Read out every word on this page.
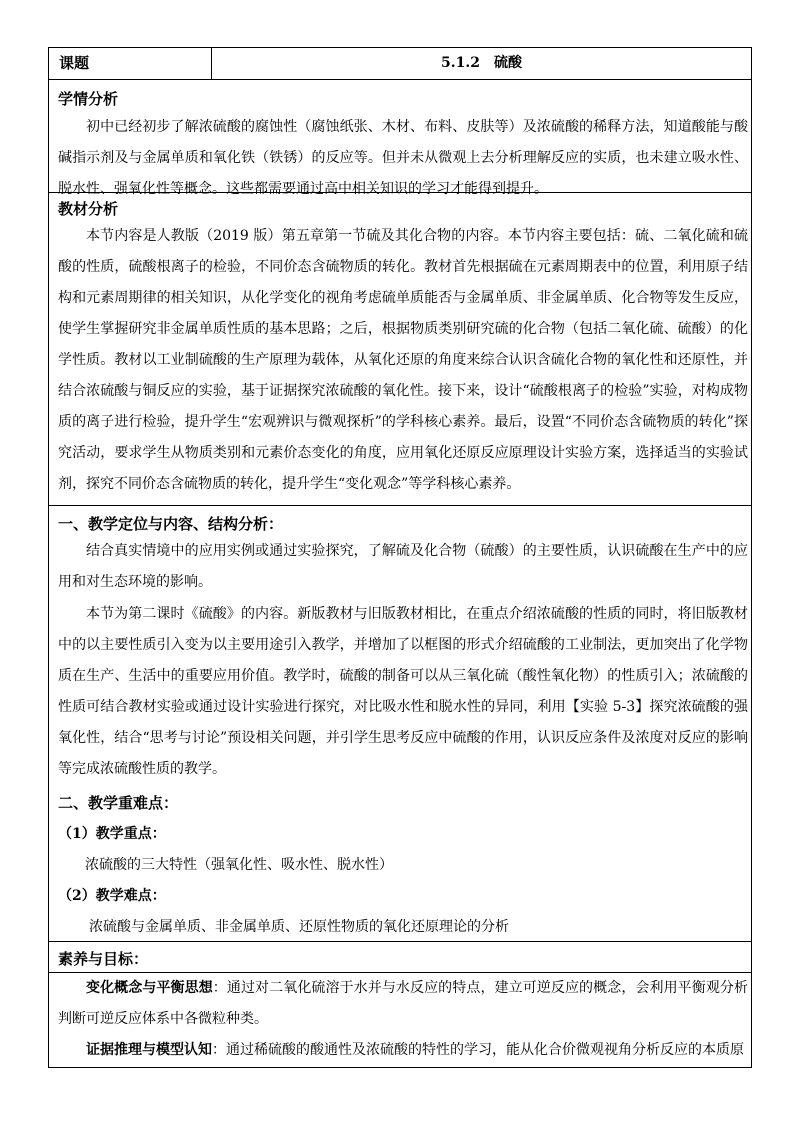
课题	5.1.2　硫酸
学情分析

初中已经初步了解浓硫酸的腐蚀性（腐蚀纸张、木材、布料、皮肤等）及浓硫酸的稀释方法，知道酸能与酸碱指示剂及与金属单质和氧化铁（铁锈）的反应等。但并未从微观上去分析理解反应的实质，也未建立吸水性、脱水性、强氧化性等概念。这些都需要通过高中相关知识的学习才能得到提升。

教材分析

本节内容是人教版（2019 版）第五章第一节硫及其化合物的内容。本节内容主要包括：硫、二氧化硫和硫酸的性质，硫酸根离子的检验，不同价态含硫物质的转化。教材首先根据硫在元素周期表中的位置，利用原子结构和元素周期律的相关知识，从化学变化的视角考虑硫单质能否与金属单质、非金属单质、化合物等发生反应，使学生掌握研究非金属单质性质的基本思路；之后，根据物质类别研究硫的化合物（包括二氧化硫、硫酸）的化学性质。教材以工业制硫酸的生产原理为载体，从氧化还原的角度来综合认识含硫化合物的氧化性和还原性，并结合浓硫酸与铜反应的实验，基于证据探究浓硫酸的氧化性。接下来，设计“硫酸根离子的检验”实验，对构成物质的离子进行检验，提升学生“宏观辨识与微观探析”的学科核心素养。最后，设置“不同价态含硫物质的转化”探究活动，要求学生从物质类别和元素价态变化的角度，应用氧化还原反应原理设计实验方案，选择适当的实验试剂，探究不同价态含硫物质的转化，提升学生“变化观念”等学科核心素养。

一、教学定位与内容、结构分析：

结合真实情境中的应用实例或通过实验探究，了解硫及化合物（硫酸）的主要性质，认识硫酸在生产中的应用和对生态环境的影响。

本节为第二课时《硫酸》的内容。新版教材与旧版教材相比，在重点介绍浓硫酸的性质的同时，将旧版教材中的以主要性质引入变为以主要用途引入教学，并增加了以框图的形式介绍硫酸的工业制法，更加突出了化学物质在生产、生活中的重要应用价值。教学时，硫酸的制备可以从三氧化硫（酸性氧化物）的性质引入；浓硫酸的性质可结合教材实验或通过设计实验进行探究，对比吸水性和脱水性的异同，利用【实验 5-3】探究浓硫酸的强氧化性，结合“思考与讨论”预设相关问题，并引学生思考反应中硫酸的作用，认识反应条件及浓度对反应的影响等完成浓硫酸性质的教学。

二、教学重难点：
（1）教学重点：
浓硫酸的三大特性（强氧化性、吸水性、脱水性）
（2）教学难点：
浓硫酸与金属单质、非金属单质、还原性物质的氧化还原理论的分析
素养与目标：

变化概念与平衡思想：通过对二氧化硫溶于水并与水反应的特点，建立可逆反应的概念，会利用平衡观分析判断可逆反应体系中各微粒种类。

证据推理与模型认知：通过稀硫酸的酸通性及浓硫酸的特性的学习，能从化合价微观视角分析反应的本质原
